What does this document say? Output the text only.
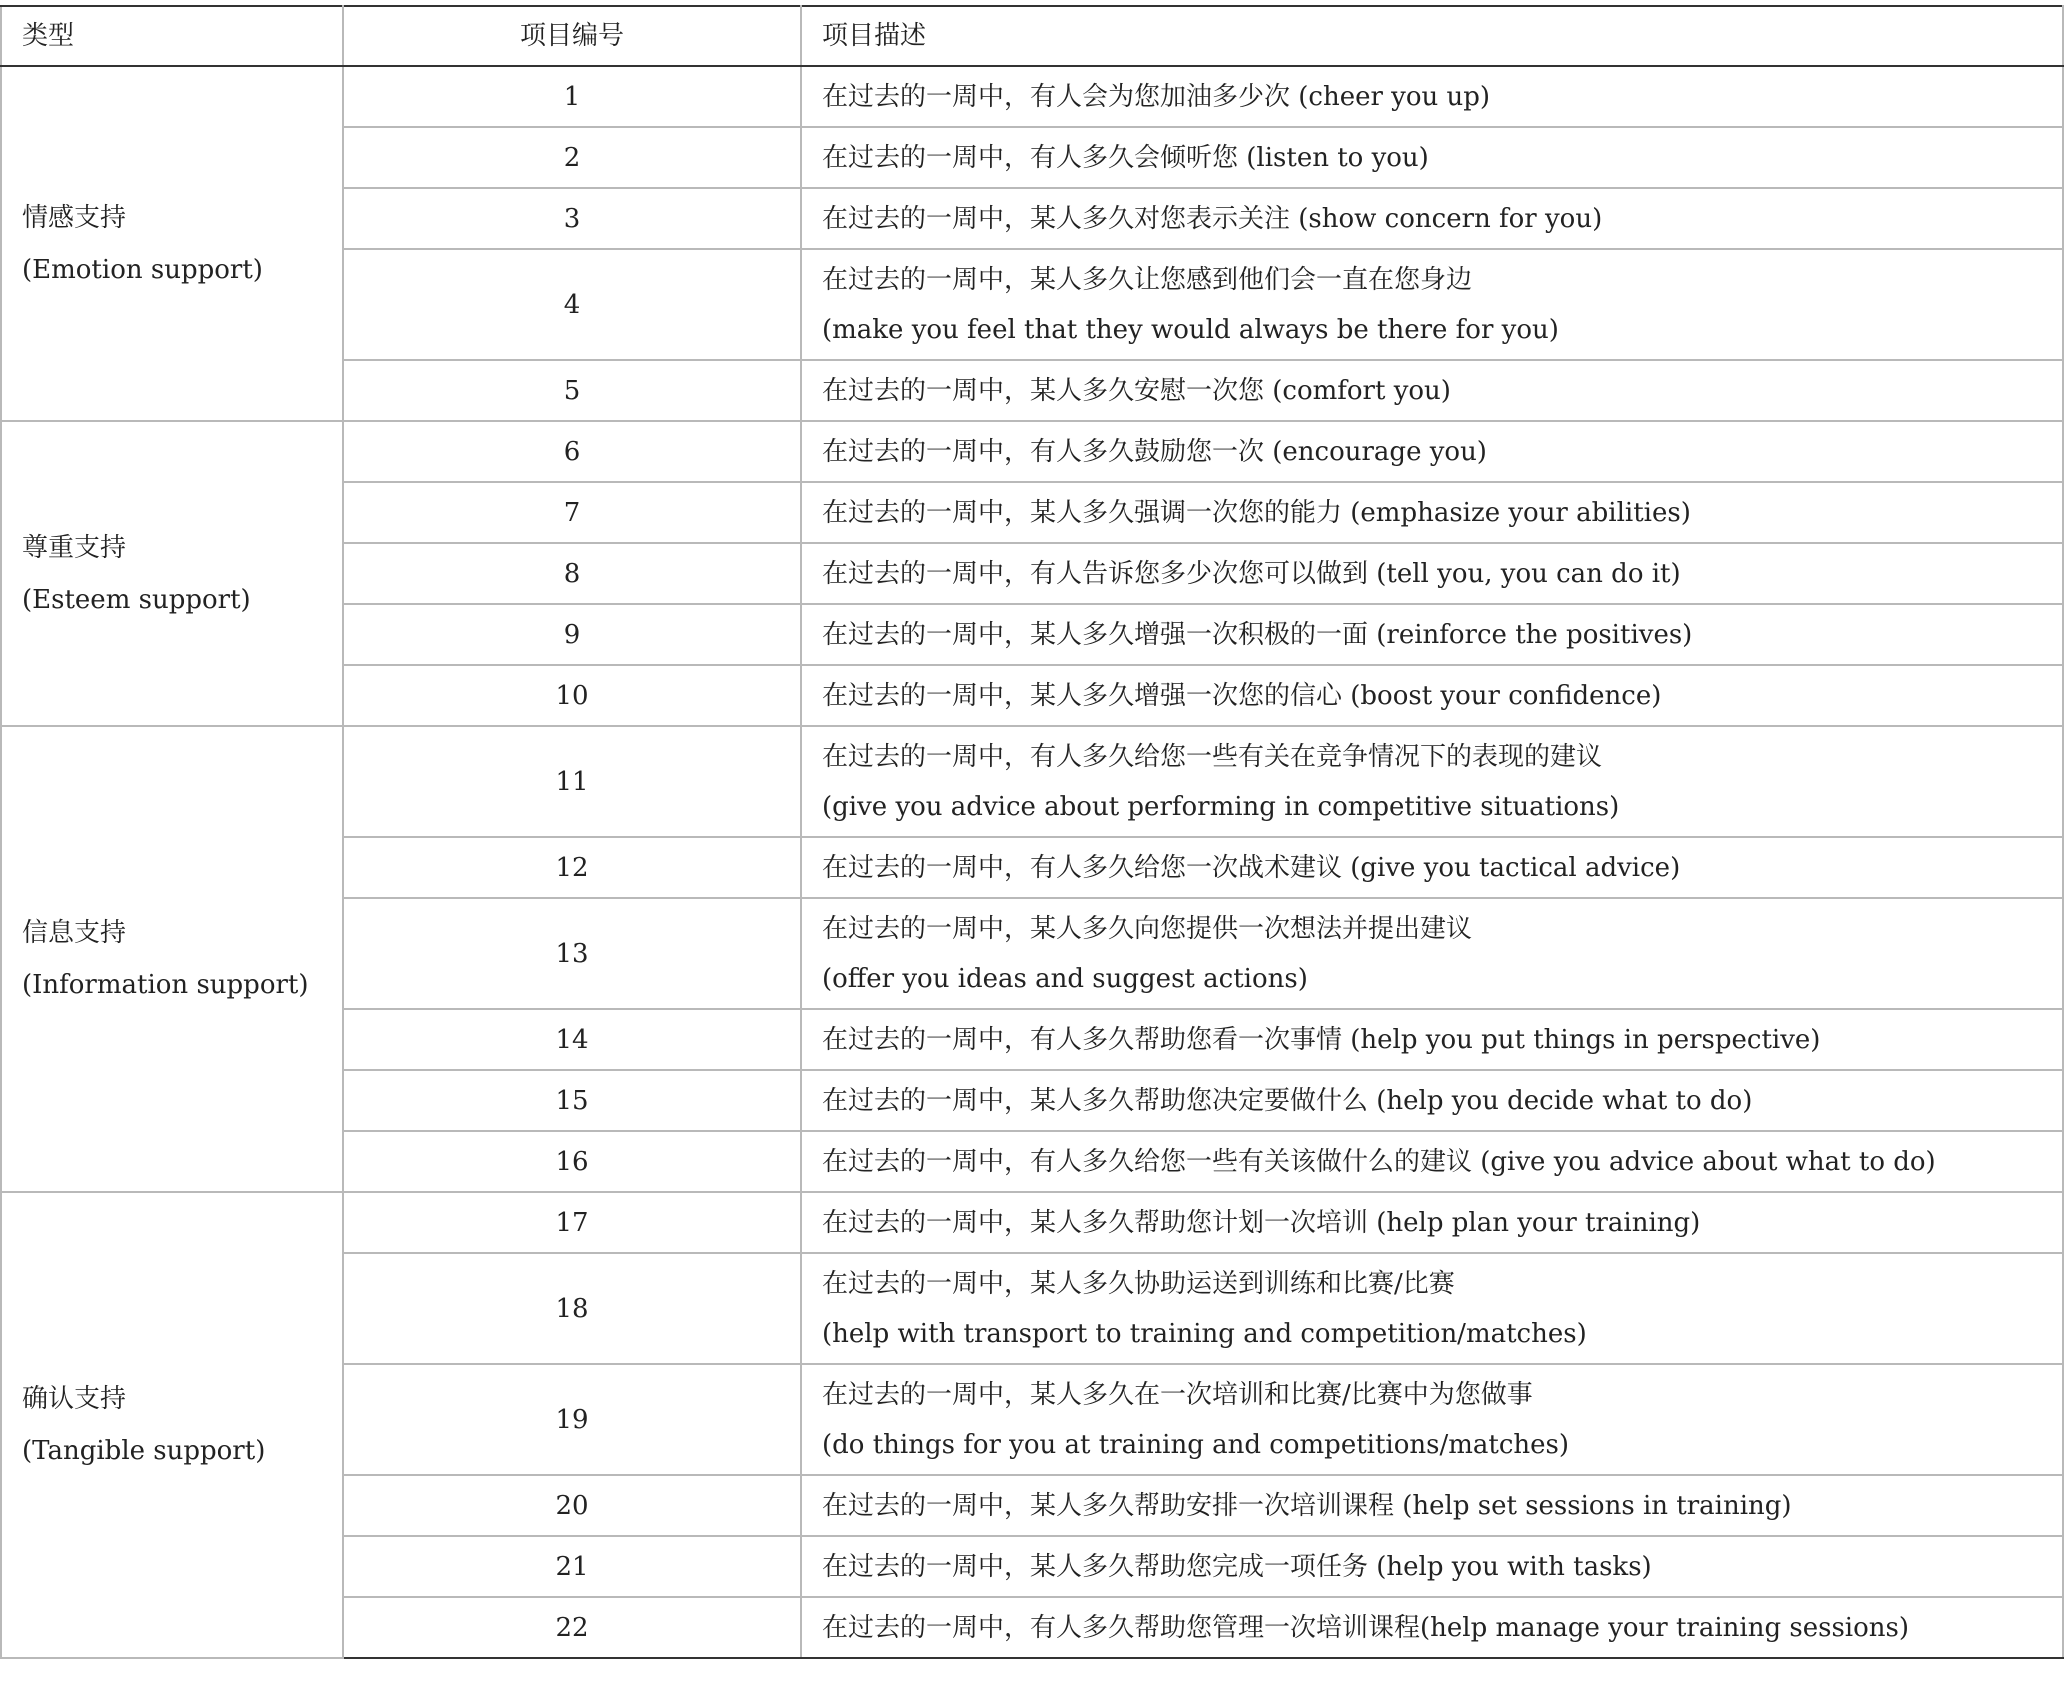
类型	项目编号	项目描述

情感支持
(Emotion support)	1	在过去的一周中，有人会为您加油多少次 (cheer you up)

	2	在过去的一周中，有人多久会倾听您 (listen to you)

	3	在过去的一周中，某人多久对您表示关注 (show concern for you)

	4	在过去的一周中，某人多久让您感到他们会一直在您身边
(make you feel that they would always be there for you)

	5	在过去的一周中，某人多久安慰一次您 (comfort you)

尊重支持
(Esteem support)	6	在过去的一周中，有人多久鼓励您一次 (encourage you)

	7	在过去的一周中，某人多久强调一次您的能力 (emphasize your abilities)

	8	在过去的一周中，有人告诉您多少次您可以做到 (tell you, you can do it)

	9	在过去的一周中，某人多久增强一次积极的一面 (reinforce the positives)

	10	在过去的一周中，某人多久增强一次您的信心 (boost your confidence)

信息支持
(Information support)	11	在过去的一周中，有人多久给您一些有关在竞争情况下的表现的建议
(give you advice about performing in competitive situations)

	12	在过去的一周中，有人多久给您一次战术建议 (give you tactical advice)

	13	在过去的一周中，某人多久向您提供一次想法并提出建议
(offer you ideas and suggest actions)

	14	在过去的一周中，有人多久帮助您看一次事情 (help you put things in perspective)

	15	在过去的一周中，某人多久帮助您决定要做什么 (help you decide what to do)

	16	在过去的一周中，有人多久给您一些有关该做什么的建议 (give you advice about what to do)

确认支持
(Tangible support)	17	在过去的一周中，某人多久帮助您计划一次培训 (help plan your training)

	18	在过去的一周中，某人多久协助运送到训练和比赛/比赛
(help with transport to training and competition/matches)

	19	在过去的一周中，某人多久在一次培训和比赛/比赛中为您做事
(do things for you at training and competitions/matches)

	20	在过去的一周中，某人多久帮助安排一次培训课程 (help set sessions in training)

	21	在过去的一周中，某人多久帮助您完成一项任务 (help you with tasks)

	22	在过去的一周中，有人多久帮助您管理一次培训课程(help manage your training sessions)
